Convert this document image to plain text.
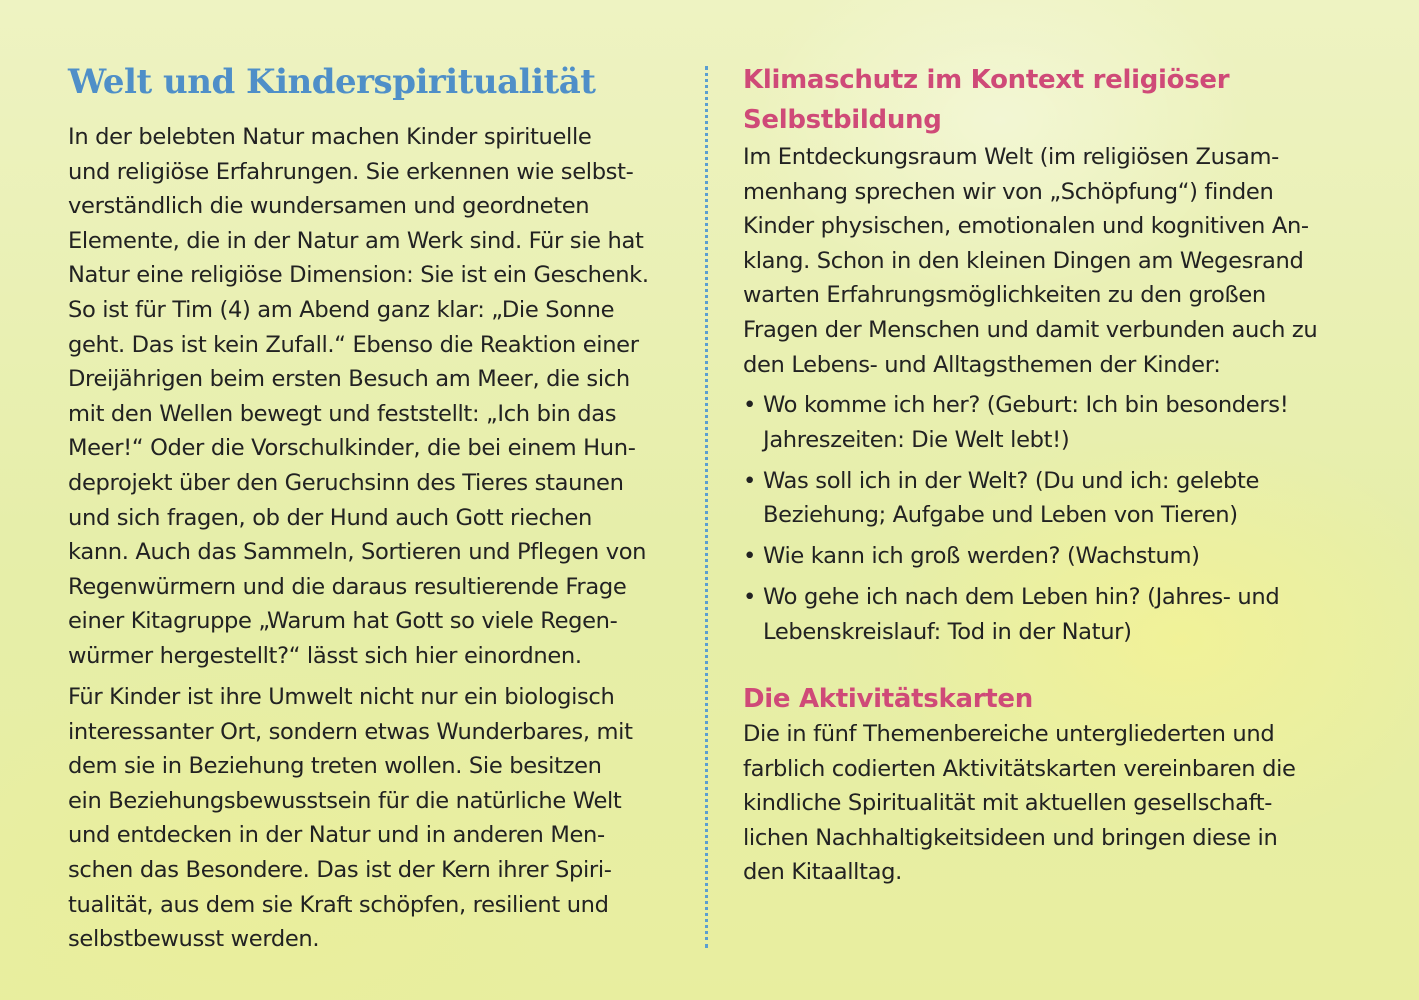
Welt und Kinderspiritualität

In der belebten Natur machen Kinder spirituelle
und religiöse Erfahrungen. Sie erkennen wie selbst-
verständlich die wundersamen und geordneten
Elemente, die in der Natur am Werk sind. Für sie hat
Natur eine religiöse Dimension: Sie ist ein Geschenk.
So ist für Tim (4) am Abend ganz klar: „Die Sonne
geht. Das ist kein Zufall.“ Ebenso die Reaktion einer
Dreijährigen beim ersten Besuch am Meer, die sich
mit den Wellen bewegt und feststellt: „Ich bin das
Meer!“ Oder die Vorschulkinder, die bei einem Hun-
deprojekt über den Geruchsinn des Tieres staunen
und sich fragen, ob der Hund auch Gott riechen
kann. Auch das Sammeln, Sortieren und Pflegen von
Regenwürmern und die daraus resultierende Frage
einer Kitagruppe „Warum hat Gott so viele Regen-
würmer hergestellt?“ lässt sich hier einordnen.

Für Kinder ist ihre Umwelt nicht nur ein biologisch
interessanter Ort, sondern etwas Wunderbares, mit
dem sie in Beziehung treten wollen. Sie besitzen
ein Beziehungsbewusstsein für die natürliche Welt
und entdecken in der Natur und in anderen Men-
schen das Besondere. Das ist der Kern ihrer Spiri-
tualität, aus dem sie Kraft schöpfen, resilient und
selbstbewusst werden.

Klimaschutz im Kontext religiöser
Selbstbildung

Im Entdeckungsraum Welt (im religiösen Zusam-
menhang sprechen wir von „Schöpfung“) finden
Kinder physischen, emotionalen und kognitiven An-
klang. Schon in den kleinen Dingen am Wegesrand
warten Erfahrungsmöglichkeiten zu den großen
Fragen der Menschen und damit verbunden auch zu
den Lebens- und Alltagsthemen der Kinder:

• Wo komme ich her? (Geburt: Ich bin besonders!
Jahreszeiten: Die Welt lebt!)
• Was soll ich in der Welt? (Du und ich: gelebte
Beziehung; Aufgabe und Leben von Tieren)
• Wie kann ich groß werden? (Wachstum)
• Wo gehe ich nach dem Leben hin? (Jahres- und
Lebenskreislauf: Tod in der Natur)
Die Aktivitätskarten

Die in fünf Themenbereiche untergliederten und
farblich codierten Aktivitätskarten vereinbaren die
kindliche Spiritualität mit aktuellen gesellschaft-
lichen Nachhaltigkeitsideen und bringen diese in
den Kitaalltag.
